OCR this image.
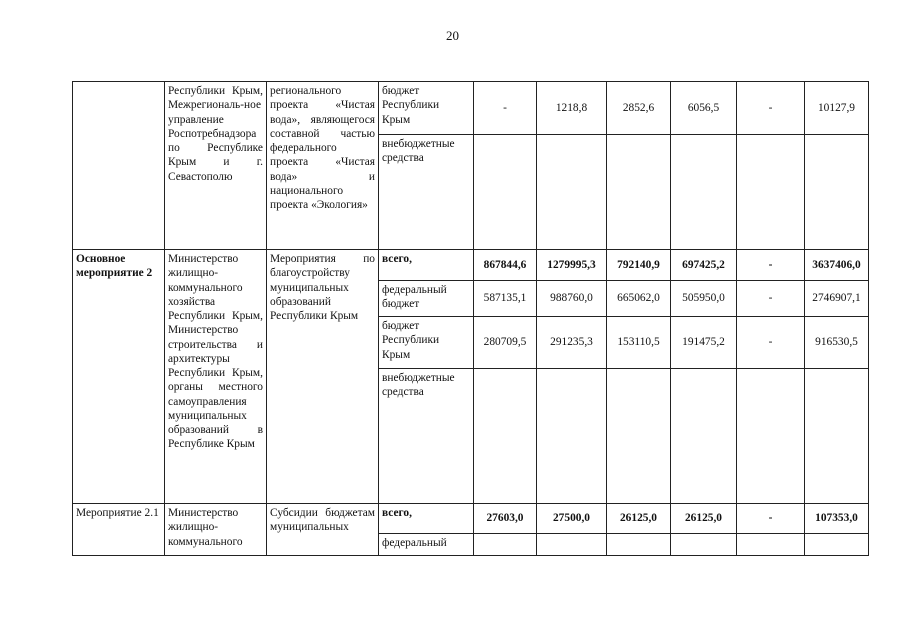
20
	Республики Крым, Межрегиональ-ное управление Роспотребнадзора по Республике Крым и г. Севастополю	регионального проекта «Чистая вода», являющегося составной частью федерального проекта «Чистая вода» и национального проекта «Экология»	бюджет Республики Крым	-	1218,8	2852,6	6056,5	-	10127,9
			внебюджетные средства						
Основное мероприятие 2	Министерство жилищно-коммунального хозяйства Республики Крым, Министерство строительства и архитектуры Республики Крым, органы местного самоуправления муниципальных образований в Республике Крым	Мероприятия по благоустройству муниципальных образований Республики Крым	всего,	867844,6	1279995,3	792140,9	697425,2	-	3637406,0
			федеральный бюджет	587135,1	988760,0	665062,0	505950,0	-	2746907,1
			бюджет Республики Крым	280709,5	291235,3	153110,5	191475,2	-	916530,5
			внебюджетные средства						
Мероприятие 2.1	Министерство жилищно-коммунального	Субсидии бюджетам муниципальных	всего,	27603,0	27500,0	26125,0	26125,0	-	107353,0
			федеральный						
